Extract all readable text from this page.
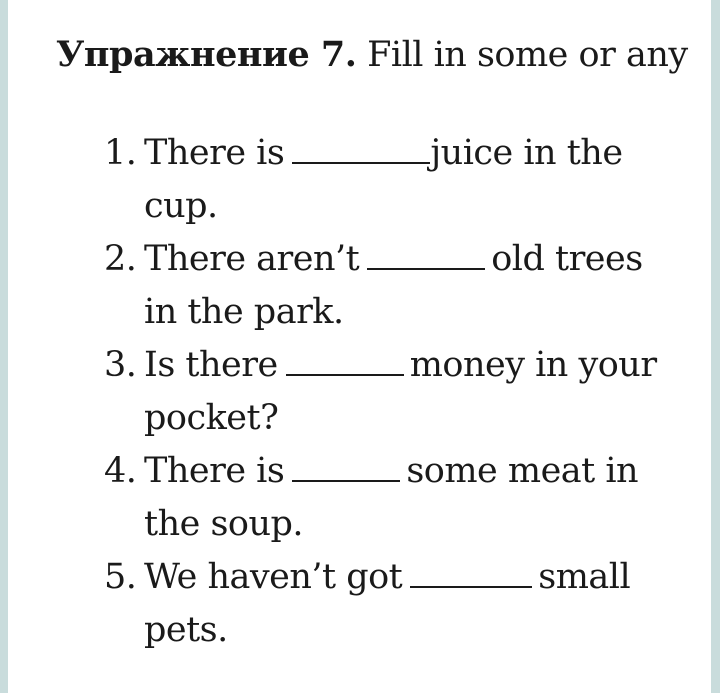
Упражнение 7. Fill in some or any
1. There is	juice in the cup.
2. There aren’t	old trees in the park.
3. Is there	money in your pocket?
4. There is	some meat in the soup.
5. We haven’t got	small pets.
